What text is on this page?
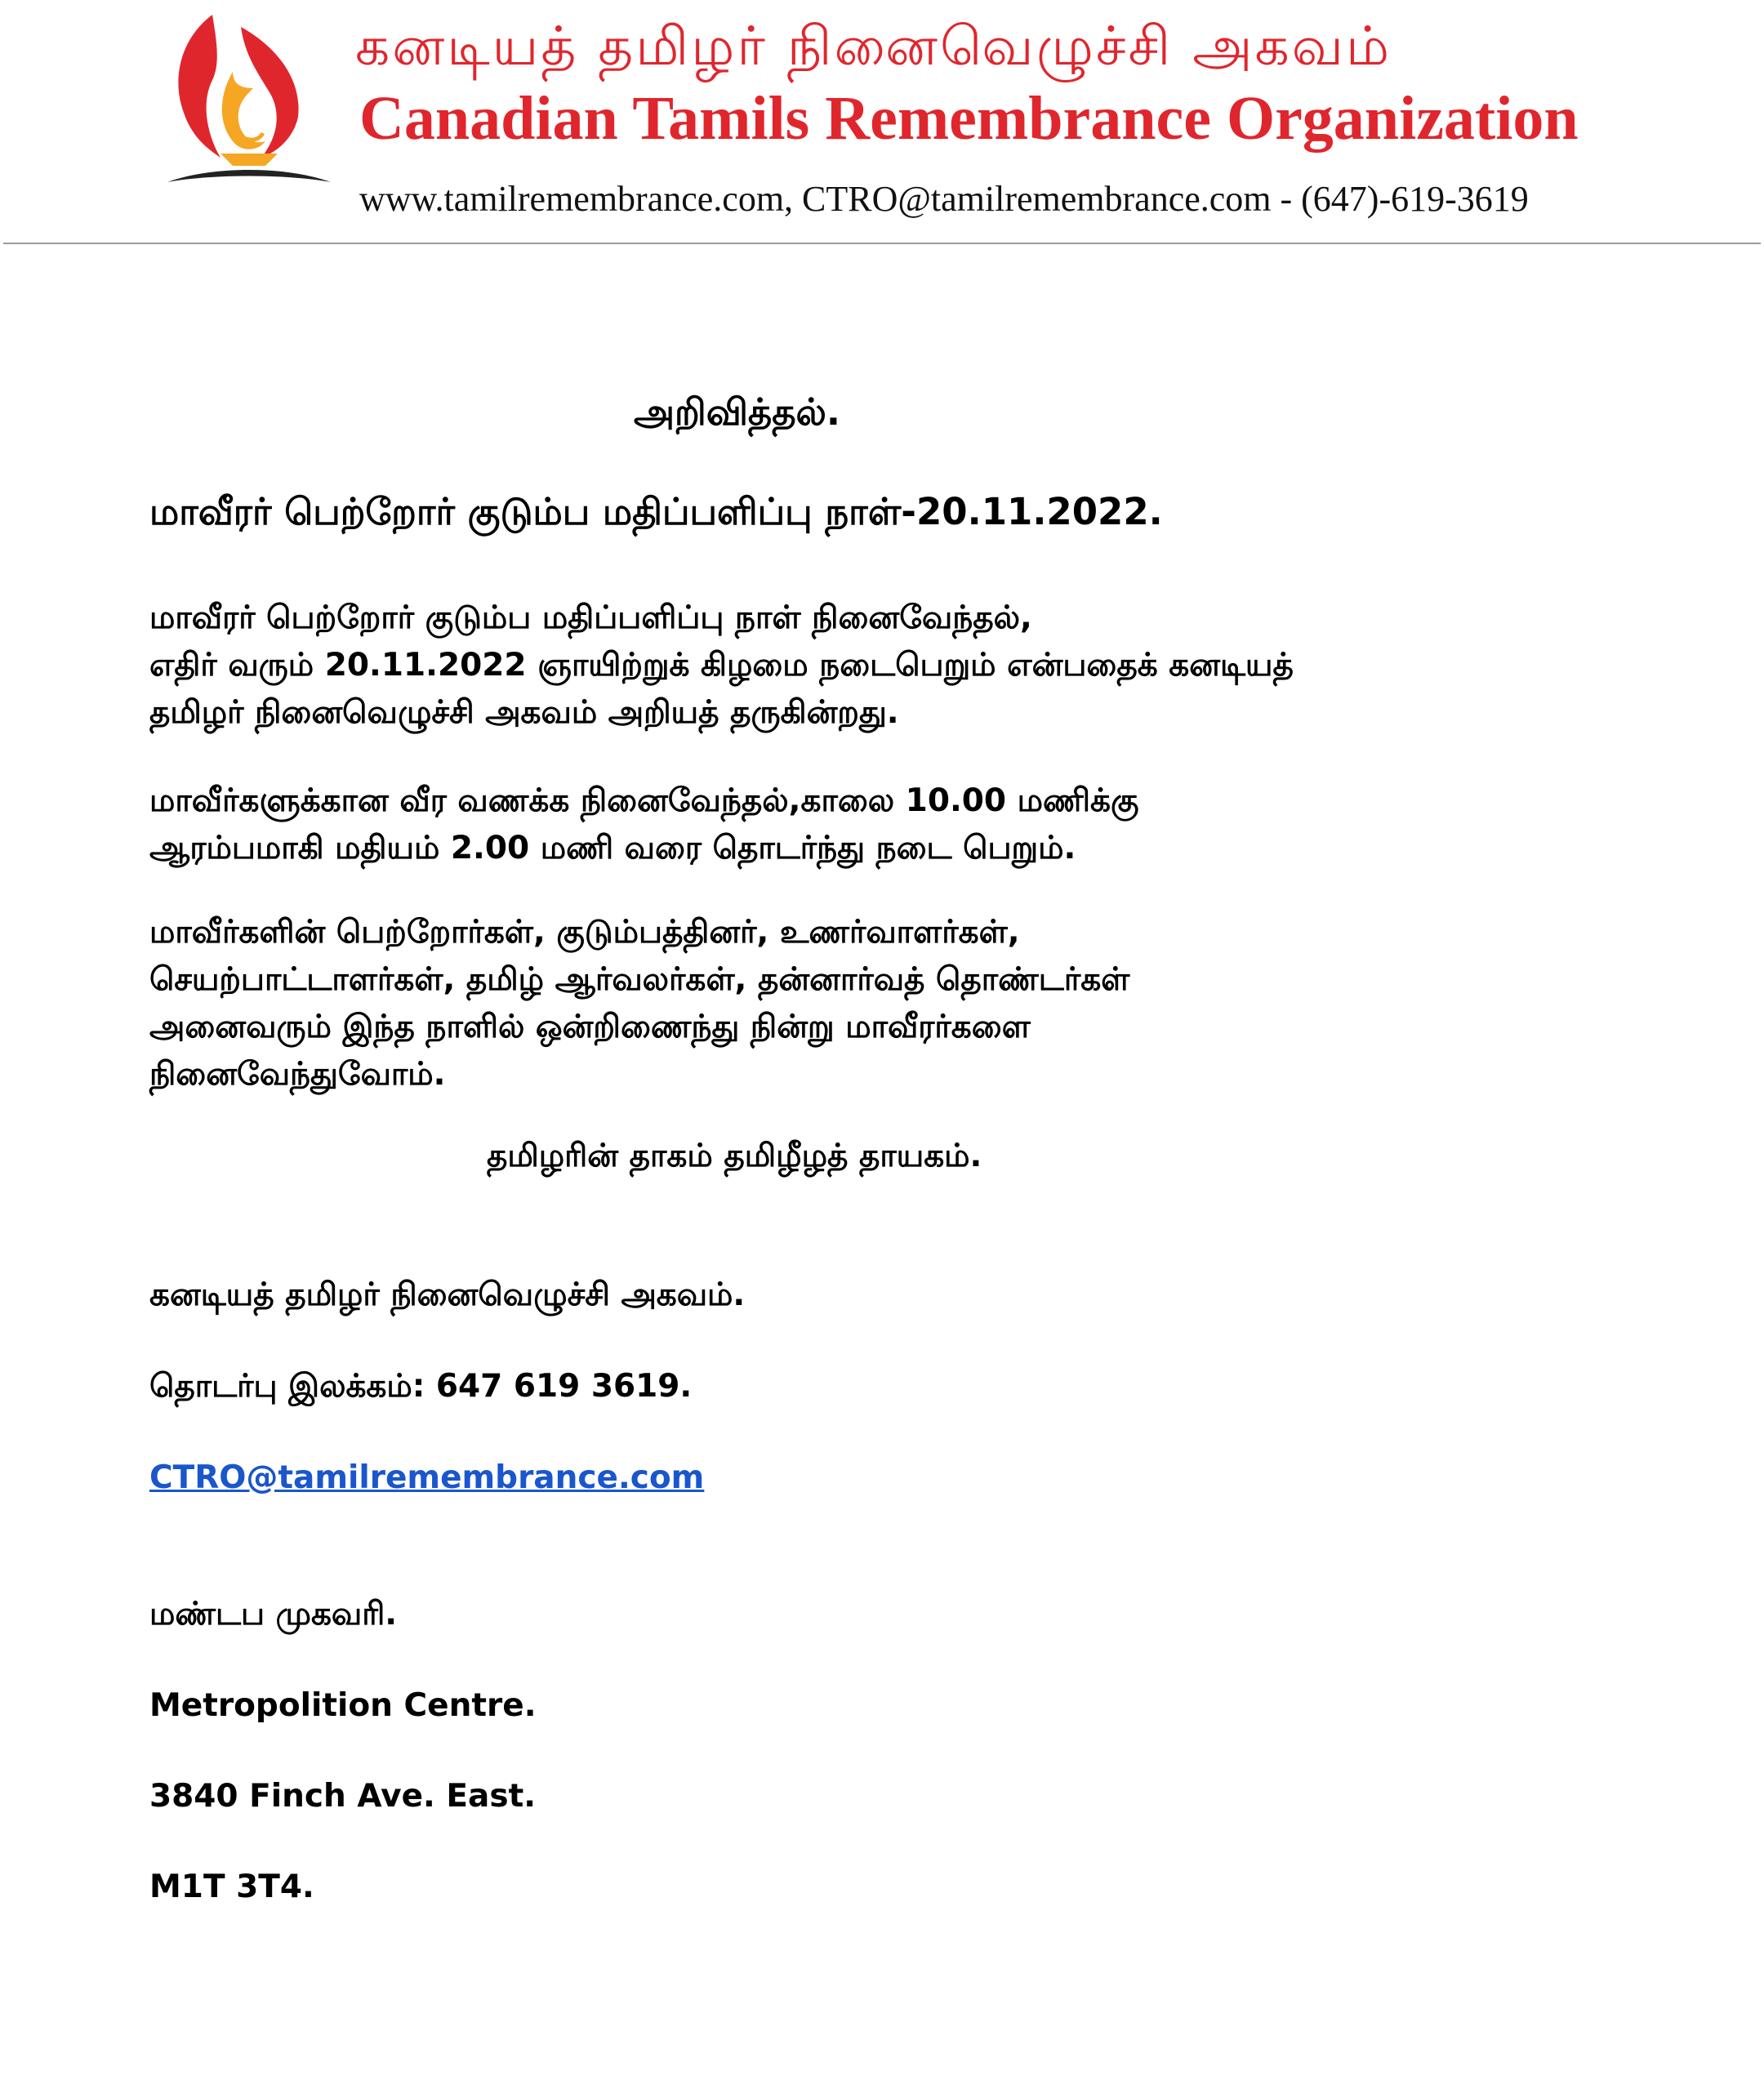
கனடியத் தமிழர் நினைவெழுச்சி அகவம்
Canadian Tamils Remembrance Organization
www.tamilremembrance.com, CTRO@tamilremembrance.com - (647)-619-3619
அறிவித்தல்.
மாவீரர் பெற்றோர் குடும்ப மதிப்பளிப்பு நாள்-20.11.2022.
மாவீரர் பெற்றோர் குடும்ப மதிப்பளிப்பு நாள் நினைவேந்தல்,
எதிர் வரும் 20.11.2022 ஞாயிற்றுக் கிழமை நடைபெறும் என்பதைக் கனடியத்
தமிழர் நினைவெழுச்சி அகவம் அறியத் தருகின்றது.
மாவீர்களுக்கான வீர வணக்க நினைவேந்தல்,காலை 10.00 மணிக்கு
ஆரம்பமாகி மதியம் 2.00 மணி வரை தொடர்ந்து நடை பெறும்.
மாவீர்களின் பெற்றோர்கள், குடும்பத்தினர், உணர்வாளர்கள்,
செயற்பாட்டாளர்கள், தமிழ் ஆர்வலர்கள், தன்னார்வத் தொண்டர்கள்
அனைவரும் இந்த நாளில் ஒன்றிணைந்து நின்று மாவீரர்களை
நினைவேந்துவோம்.
தமிழரின் தாகம் தமிழீழத் தாயகம்.
கனடியத் தமிழர் நினைவெழுச்சி அகவம்.
தொடர்பு இலக்கம்: 647 619 3619.
CTRO@tamilremembrance.com
மண்டப முகவரி.
Metropolition Centre.
3840 Finch Ave. East.
M1T 3T4.
